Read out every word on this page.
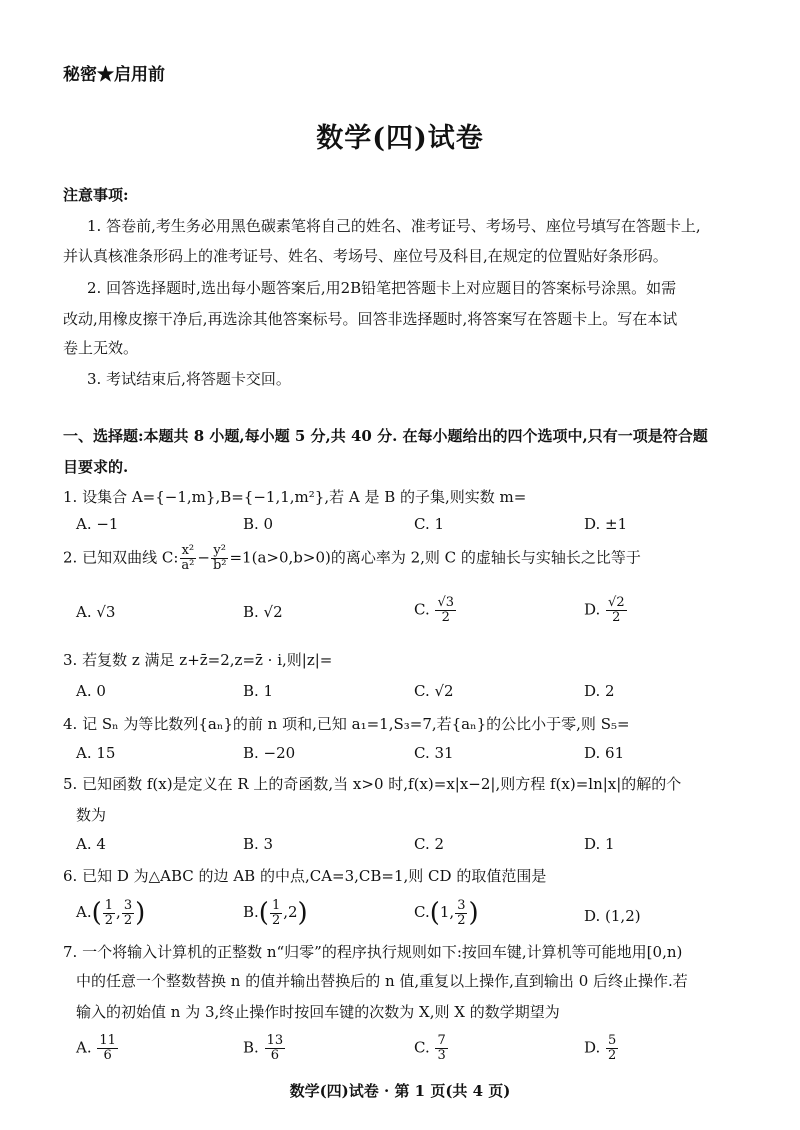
秘密★启用前
数学(四)试卷
注意事项:
1. 答卷前,考生务必用黑色碳素笔将自己的姓名、准考证号、考场号、座位号填写在答题卡上,
并认真核准条形码上的准考证号、姓名、考场号、座位号及科目,在规定的位置贴好条形码。
2. 回答选择题时,选出每小题答案后,用2B铅笔把答题卡上对应题目的答案标号涂黑。如需
改动,用橡皮擦干净后,再选涂其他答案标号。回答非选择题时,将答案写在答题卡上。写在本试
卷上无效。
3. 考试结束后,将答题卡交回。
一、选择题:本题共 8 小题,每小题 5 分,共 40 分. 在每小题给出的四个选项中,只有一项是符合题
目要求的.
1. 设集合 A={−1,m},B={−1,1,m²},若 A 是 B 的子集,则实数 m=
A. −1	B. 0	C. 1	D. ±1
2. 已知双曲线 C: $\frac{\text{x²}}{\text{a²}} - \frac{\text{y²}}{\text{b²}} =1(a>0,b>0)$的离心率为 2,则 C 的虚轴长与实轴长之比等于
A. √3	B. √2	C. $\frac{√3}{2}$	D. $\frac{√2}{2}$
3. 若复数 z 满足 z+z̄=2,z=z̄ · i,则|z|=
A. 0	B. 1	C. √2	D. 2
4. 记 Sₙ 为等比数列{aₙ}的前 n 项和,已知 a₁=1,S₃=7,若{aₙ}的公比小于零,则 S₅=
A. 15	B. −20	C. 31	D. 61
5. 已知函数 f(x)是定义在 R 上的奇函数,当 x>0 时,f(x)=x|x−2|,则方程 f(x)=ln|x|的解的个
数为
A. 4	B. 3	C. 2	D. 1
6. 已知 D 为△ABC 的边 AB 的中点,CA=3,CB=1,则 CD 的取值范围是
$A.( \frac{1}{2}$ , $\frac{3}{2}$ )	$B.( \frac{1}{2} ,2)$	C.(1, $\frac{3}{2}$ )	D. (1,2)
7. 一个将输入计算机的正整数 n“归零”的程序执行规则如下:按回车键,计算机等可能地用[0,n)
中的任意一个整数替换 n 的值并输出替换后的 n 值,重复以上操作,直到输出 0 后终止操作.若
输入的初始值 n 为 3,终止操作时按回车键的次数为 X,则 X 的数学期望为
A. $\frac{11}{6}$	B. $\frac{13}{6}$	C. $\frac{7}{3}$	D. $\frac{5}{2}$
数学(四)试卷 · 第 1 页(共 4 页)
